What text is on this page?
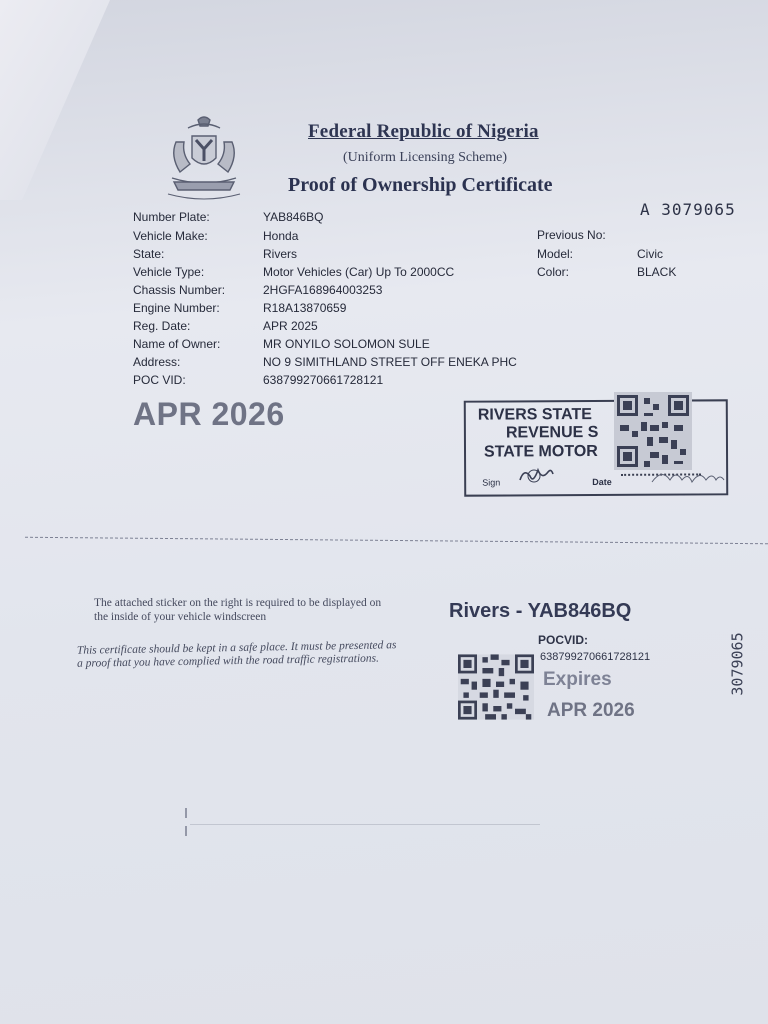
Federal Republic of Nigeria
(Uniform Licensing Scheme)
Proof of Ownership Certificate
A 3079065
Number Plate:	YAB846BQ
Vehicle Make:	Honda
State:	Rivers
Vehicle Type:	Motor Vehicles (Car) Up To 2000CC
Chassis Number:	2HGFA168964003253
Engine Number:	R18A13870659
Reg. Date:	APR 2025
Name of Owner:	MR ONYILO SOLOMON SULE
Address:	NO 9 SIMITHLAND STREET OFF ENEKA PHC
POC VID:	638799270661728121
Previous No:
Model:	Civic
Color:	BLACK
APR 2026	RIVERS STATE
REVENUE S
STATE MOTOR
Sign	Date
The attached sticker on the right is required to be displayed on the inside of your vehicle windscreen
This certificate should be kept in a safe place. It must be presented as a proof that you have complied with the road traffic registrations.
Rivers - YAB846BQ
POCVID:
638799270661728121
Expires
APR 2026
3079065
